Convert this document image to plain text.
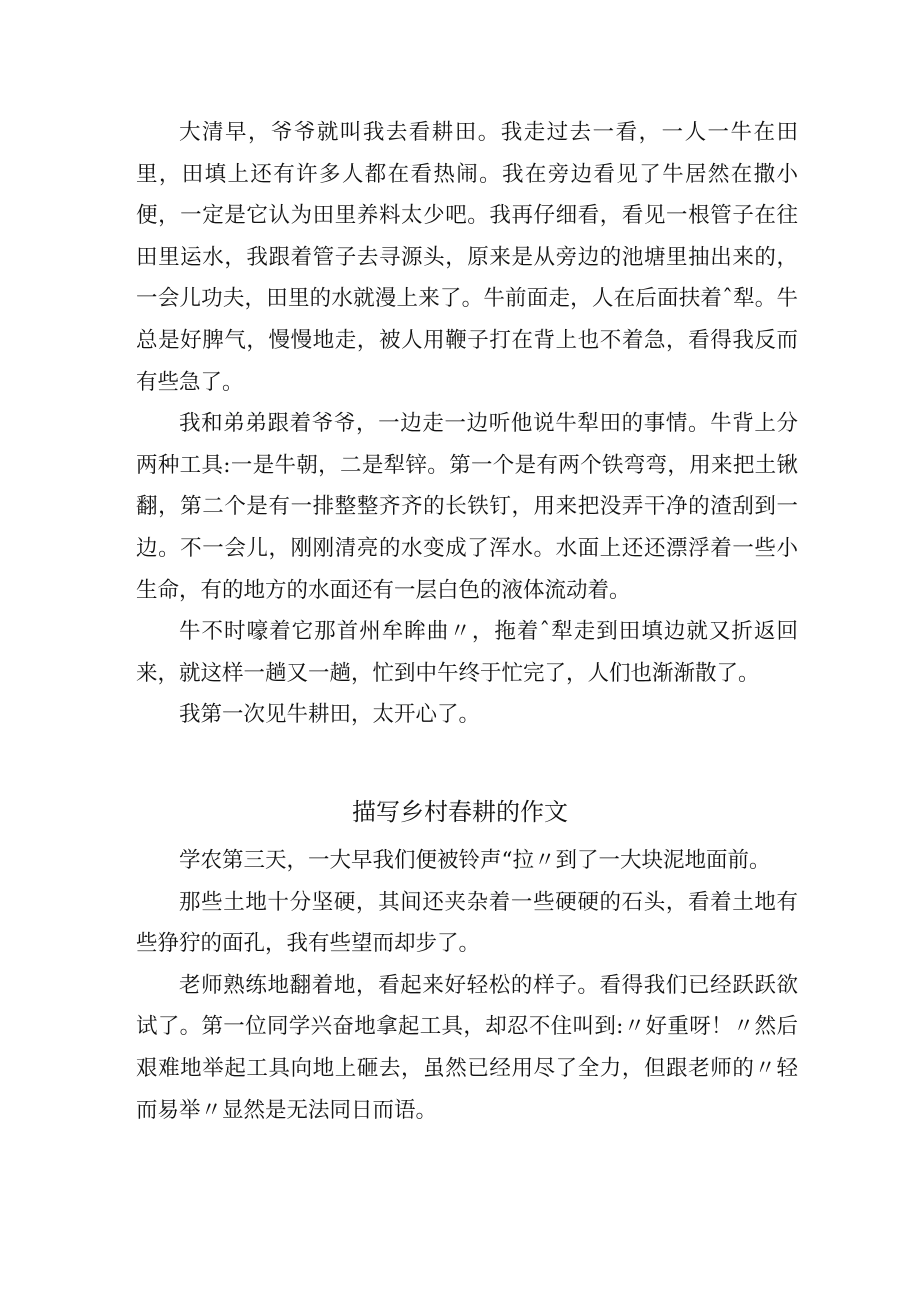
大清早，爷爷就叫我去看耕田。我走过去一看，一人一牛在田里，田填上还有许多人都在看热闹。我在旁边看见了牛居然在撒小便，一定是它认为田里养料太少吧。我再仔细看，看见一根管子在往田里运水，我跟着管子去寻源头，原来是从旁边的池塘里抽出来的，一会儿功夫，田里的水就漫上来了。牛前面走，人在后面扶着ˆ犁。牛总是好脾气，慢慢地走，被人用鞭子打在背上也不着急，看得我反而有些急了。

我和弟弟跟着爷爷，一边走一边听他说牛犁田的事情。牛背上分两种工具:一是牛朝，二是犁锌。第一个是有两个铁弯弯，用来把土锹翻，第二个是有一排整整齐齐的长铁钉，用来把没弄干净的渣刮到一边。不一会儿，刚刚清亮的水变成了浑水。水面上还还漂浮着一些小生命，有的地方的水面还有一层白色的液体流动着。

牛不时嚎着它那首州牟眸曲〃，拖着ˆ犁走到田填边就又折返回来，就这样一趟又一趟，忙到中午终于忙完了，人们也渐渐散了。

我第一次见牛耕田，太开心了。

描写乡村春耕的作文

学农第三天，一大早我们便被铃声“拉〃到了一大块泥地面前。

那些土地十分坚硬，其间还夹杂着一些硬硬的石头，看着土地有些狰狞的面孔，我有些望而却步了。

老师熟练地翻着地，看起来好轻松的样子。看得我们已经跃跃欲试了。第一位同学兴奋地拿起工具，却忍不住叫到:〃好重呀！〃然后艰难地举起工具向地上砸去，虽然已经用尽了全力，但跟老师的〃轻而易举〃显然是无法同日而语。
